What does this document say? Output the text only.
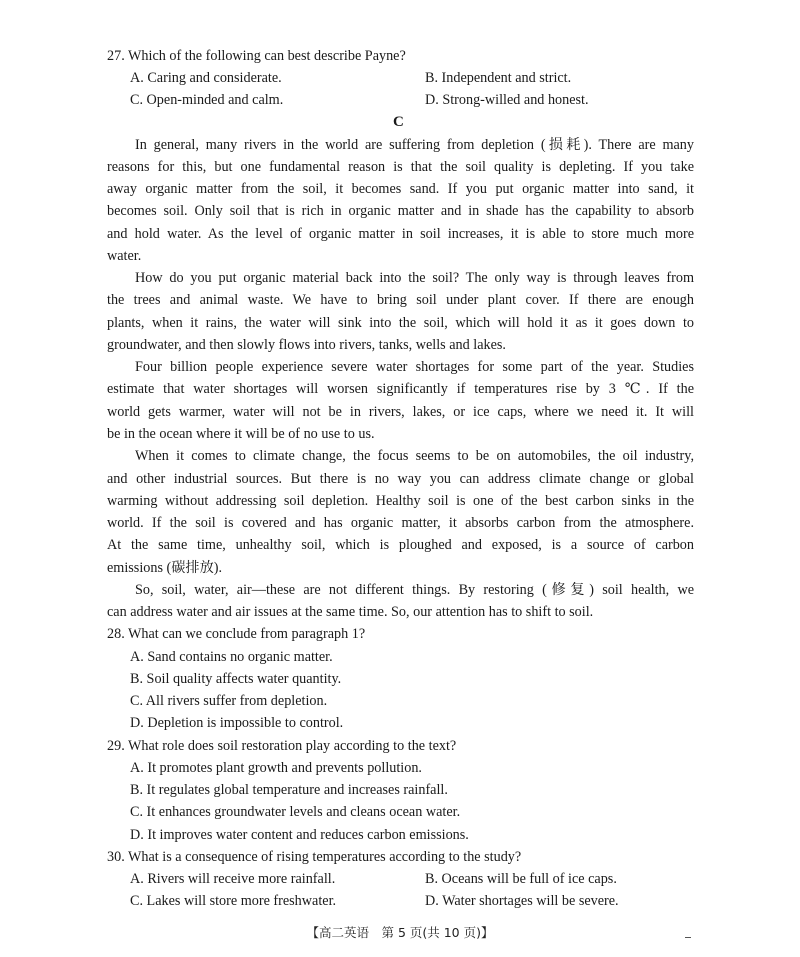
27. Which of the following can best describe Payne?
A. Caring and considerate.	B. Independent and strict.
C. Open-minded and calm.	D. Strong-willed and honest.
C
In general, many rivers in the world are suffering from depletion (损耗). There are many
reasons for this, but one fundamental reason is that the soil quality is depleting. If you take
away organic matter from the soil, it becomes sand. If you put organic matter into sand, it
becomes soil. Only soil that is rich in organic matter and in shade has the capability to absorb
and hold water. As the level of organic matter in soil increases, it is able to store much more
water.
How do you put organic material back into the soil? The only way is through leaves from
the trees and animal waste. We have to bring soil under plant cover. If there are enough
plants, when it rains, the water will sink into the soil, which will hold it as it goes down to
groundwater, and then slowly flows into rivers, tanks, wells and lakes.
Four billion people experience severe water shortages for some part of the year. Studies
estimate that water shortages will worsen significantly if temperatures rise by 3 ℃. If the
world gets warmer, water will not be in rivers, lakes, or ice caps, where we need it. It will
be in the ocean where it will be of no use to us.
When it comes to climate change, the focus seems to be on automobiles, the oil industry,
and other industrial sources. But there is no way you can address climate change or global
warming without addressing soil depletion. Healthy soil is one of the best carbon sinks in the
world. If the soil is covered and has organic matter, it absorbs carbon from the atmosphere.
At the same time, unhealthy soil, which is ploughed and exposed, is a source of carbon
emissions (碳排放).
So, soil, water, air—these are not different things. By restoring (修复) soil health, we
can address water and air issues at the same time. So, our attention has to shift to soil.
28. What can we conclude from paragraph 1?
A. Sand contains no organic matter.
B. Soil quality affects water quantity.
C. All rivers suffer from depletion.
D. Depletion is impossible to control.
29. What role does soil restoration play according to the text?
A. It promotes plant growth and prevents pollution.
B. It regulates global temperature and increases rainfall.
C. It enhances groundwater levels and cleans ocean water.
D. It improves water content and reduces carbon emissions.
30. What is a consequence of rising temperatures according to the study?
A. Rivers will receive more rainfall.	B. Oceans will be full of ice caps.
C. Lakes will store more freshwater.	D. Water shortages will be severe.
【高二英语　第 5 页(共 10 页)】
